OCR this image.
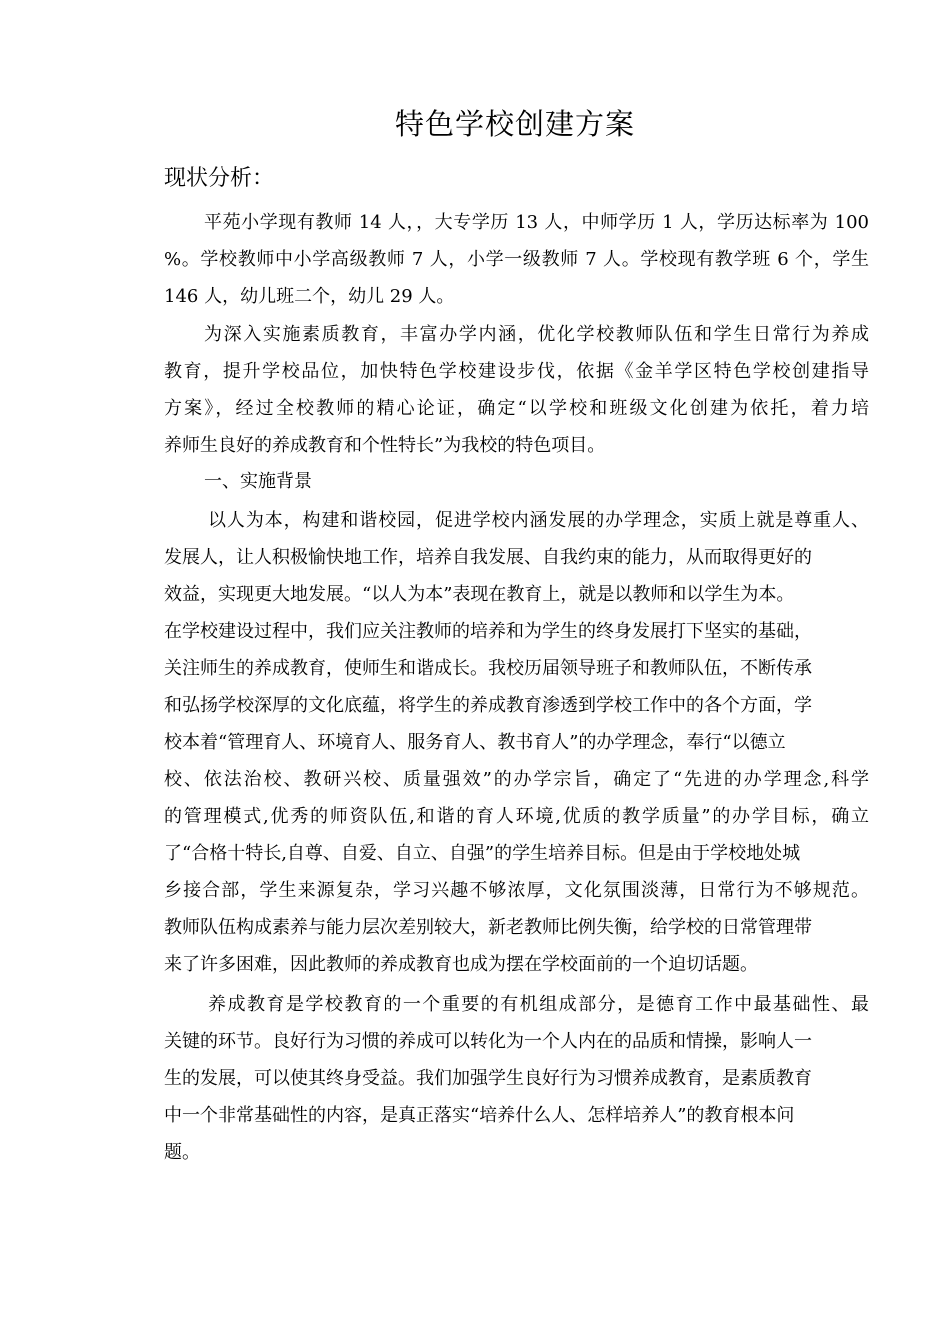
特色学校创建方案
现状分析：
平苑小学现有教师 14 人，，大专学历 13 人，中师学历 1 人，学历达标率为 100
%。学校教师中小学高级教师 7 人，小学一级教师 7 人。学校现有教学班 6 个，学生
146 人，幼儿班二个，幼儿 29 人。
为深入实施素质教育，丰富办学内涵，优化学校教师队伍和学生日常行为养成
教育，提升学校品位，加快特色学校建设步伐，依据《金羊学区特色学校创建指导
方案》，经过全校教师的精心论证，确定“以学校和班级文化创建为依托，着力培
养师生良好的养成教育和个性特长”为我校的特色项目。
一、实施背景
以人为本，构建和谐校园，促进学校内涵发展的办学理念，实质上就是尊重人、
发展人，让人积极愉快地工作，培养自我发展、自我约束的能力，从而取得更好的
效益，实现更大地发展。“以人为本”表现在教育上，就是以教师和以学生为本。
在学校建设过程中，我们应关注教师的培养和为学生的终身发展打下坚实的基础，
关注师生的养成教育，使师生和谐成长。我校历届领导班子和教师队伍，不断传承
和弘扬学校深厚的文化底蕴，将学生的养成教育渗透到学校工作中的各个方面，学
校本着“管理育人、环境育人、服务育人、教书育人”的办学理念，奉行“以德立
校、依法治校、教研兴校、质量强效”的办学宗旨，确定了“先进的办学理念,科学
的管理模式,优秀的师资队伍,和谐的育人环境,优质的教学质量”的办学目标，确立
了“合格十特长,自尊、自爱、自立、自强”的学生培养目标。但是由于学校地处城
乡接合部，学生来源复杂，学习兴趣不够浓厚，文化氛围淡薄，日常行为不够规范。
教师队伍构成素养与能力层次差别较大，新老教师比例失衡，给学校的日常管理带
来了许多困难，因此教师的养成教育也成为摆在学校面前的一个迫切话题。
养成教育是学校教育的一个重要的有机组成部分，是德育工作中最基础性、最
关键的环节。良好行为习惯的养成可以转化为一个人内在的品质和情操，影响人一
生的发展，可以使其终身受益。我们加强学生良好行为习惯养成教育，是素质教育
中一个非常基础性的内容，是真正落实“培养什么人、怎样培养人”的教育根本问
题。
